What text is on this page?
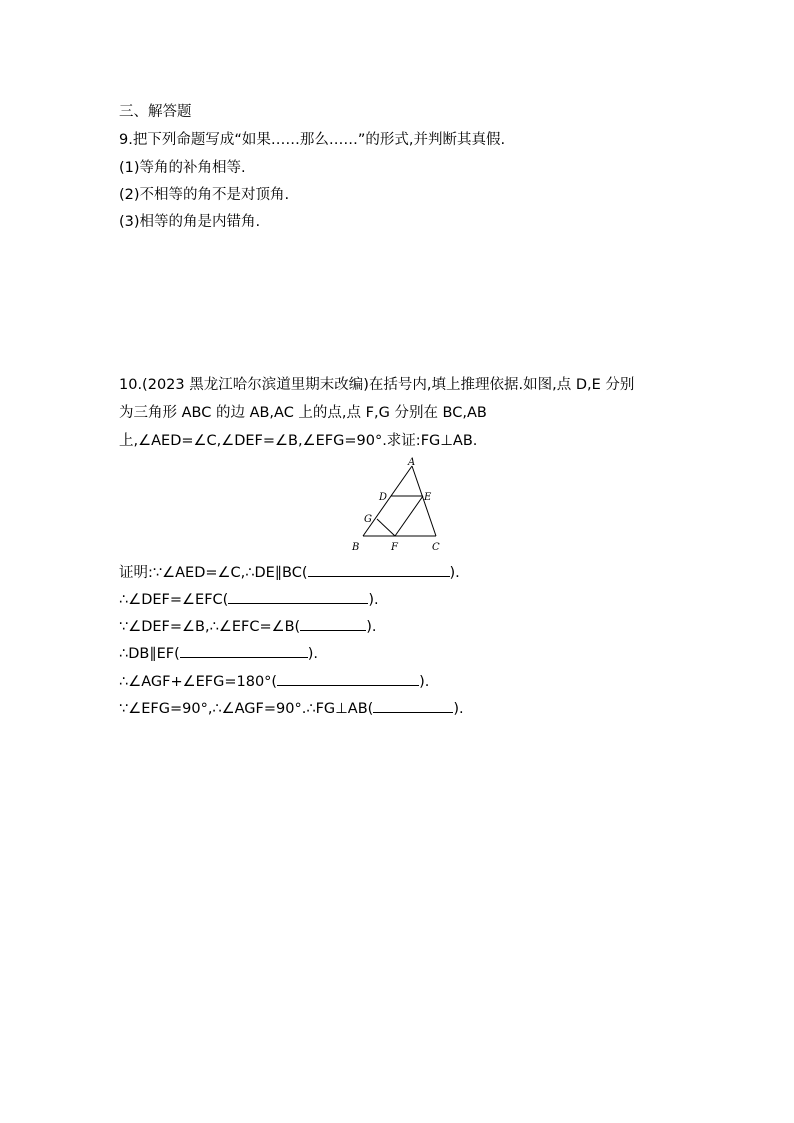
三、解答题
9.把下列命题写成“如果……那么……”的形式,并判断其真假.
(1)等角的补角相等.
(2)不相等的角不是对顶角.
(3)相等的角是内错角.
10.(2023 黑龙江哈尔滨道里期末改编)在括号内,填上推理依据.如图,点 D,E 分别
为三角形 ABC 的边 AB,AC 上的点,点 F,G 分别在 BC,AB
上,∠AED=∠C,∠DEF=∠B,∠EFG=90°.求证:FG⊥AB.
A
D	E
G
B	F	C
证明:∵∠AED=∠C,∴DE∥BC(	).
∴∠DEF=∠EFC(	).
∵∠DEF=∠B,∴∠EFC=∠B(	).
∴DB∥EF(	).
∴∠AGF+∠EFG=180°(	).
∵∠EFG=90°,∴∠AGF=90°.∴FG⊥AB(	).
